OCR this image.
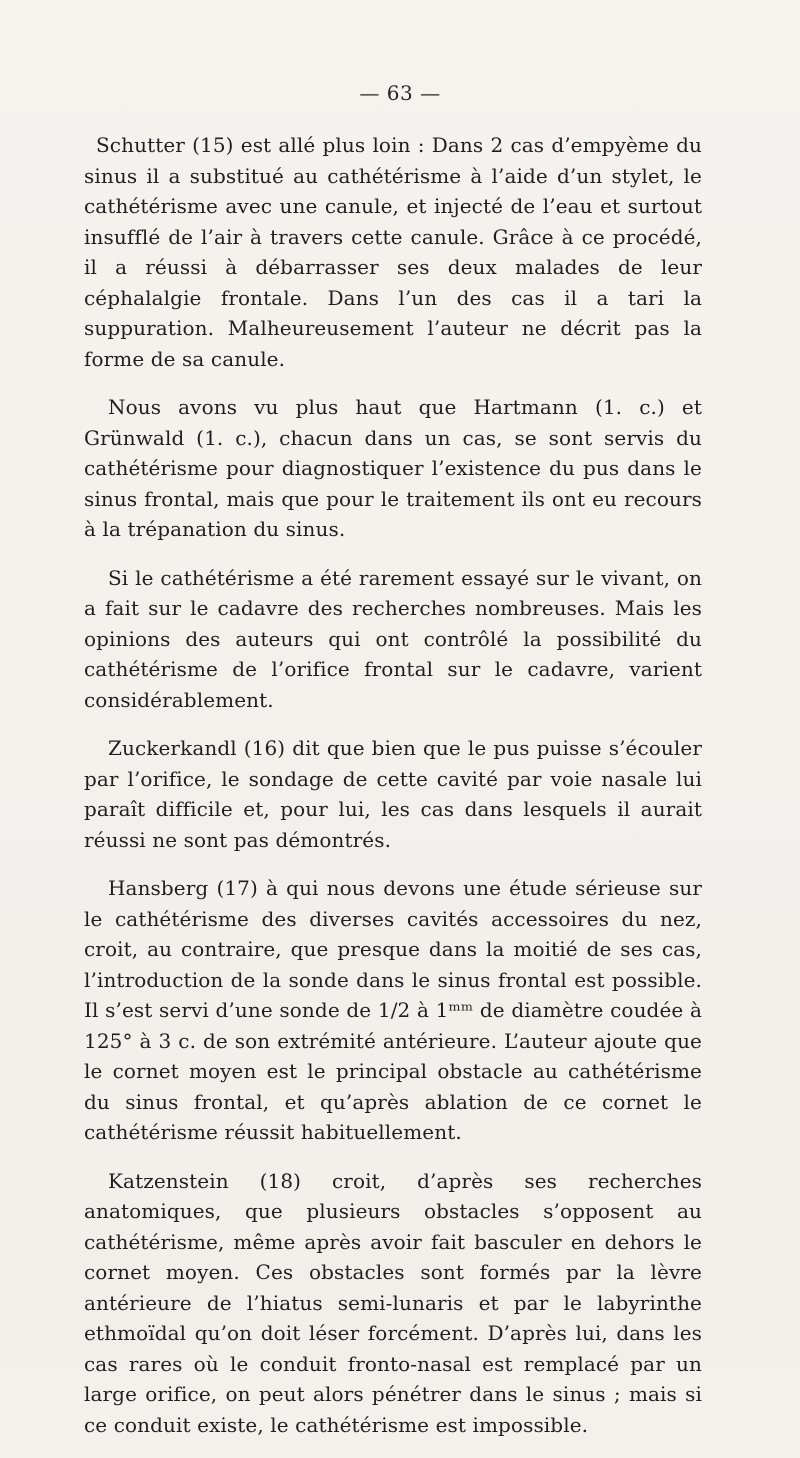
— 63 —

Schutter (15) est allé plus loin : Dans 2 cas d’empyème du sinus il a substitué au cathétérisme à l’aide d’un stylet, le cathétérisme avec une canule, et injecté de l’eau et surtout insufflé de l’air à travers cette canule. Grâce à ce procédé, il a réussi à débarrasser ses deux malades de leur céphalalgie frontale. Dans l’un des cas il a tari la suppuration. Malheureusement l’auteur ne décrit pas la forme de sa canule.

Nous avons vu plus haut que Hartmann (1. c.) et Grünwald (1. c.), chacun dans un cas, se sont servis du cathétérisme pour diagnostiquer l’existence du pus dans le sinus frontal, mais que pour le traitement ils ont eu recours à la trépanation du sinus.

Si le cathétérisme a été rarement essayé sur le vivant, on a fait sur le cadavre des recherches nombreuses. Mais les opinions des auteurs qui ont contrôlé la possibilité du cathétérisme de l’orifice frontal sur le cadavre, varient considérablement.

Zuckerkandl (16) dit que bien que le pus puisse s’écouler par l’orifice, le sondage de cette cavité par voie nasale lui paraît difficile et, pour lui, les cas dans lesquels il aurait réussi ne sont pas démontrés.

Hansberg (17) à qui nous devons une étude sérieuse sur le cathétérisme des diverses cavités accessoires du nez, croit, au contraire, que presque dans la moitié de ses cas, l’introduction de la sonde dans le sinus frontal est possible. Il s’est servi d’une sonde de 1/2 à 1ᵐᵐ de diamètre coudée à 125° à 3 c. de son extrémité antérieure. L’auteur ajoute que le cornet moyen est le principal obstacle au cathétérisme du sinus frontal, et qu’après ablation de ce cornet le cathétérisme réussit habituellement.

Katzenstein (18) croit, d’après ses recherches anatomiques, que plusieurs obstacles s’opposent au cathétérisme, même après avoir fait basculer en dehors le cornet moyen. Ces obstacles sont formés par la lèvre antérieure de l’hiatus semi-lunaris et par le labyrinthe ethmoïdal qu’on doit léser forcément. D’après lui, dans les cas rares où le conduit fronto-nasal est remplacé par un large orifice, on peut alors pénétrer dans le sinus ; mais si ce conduit existe, le cathétérisme est impossible.
